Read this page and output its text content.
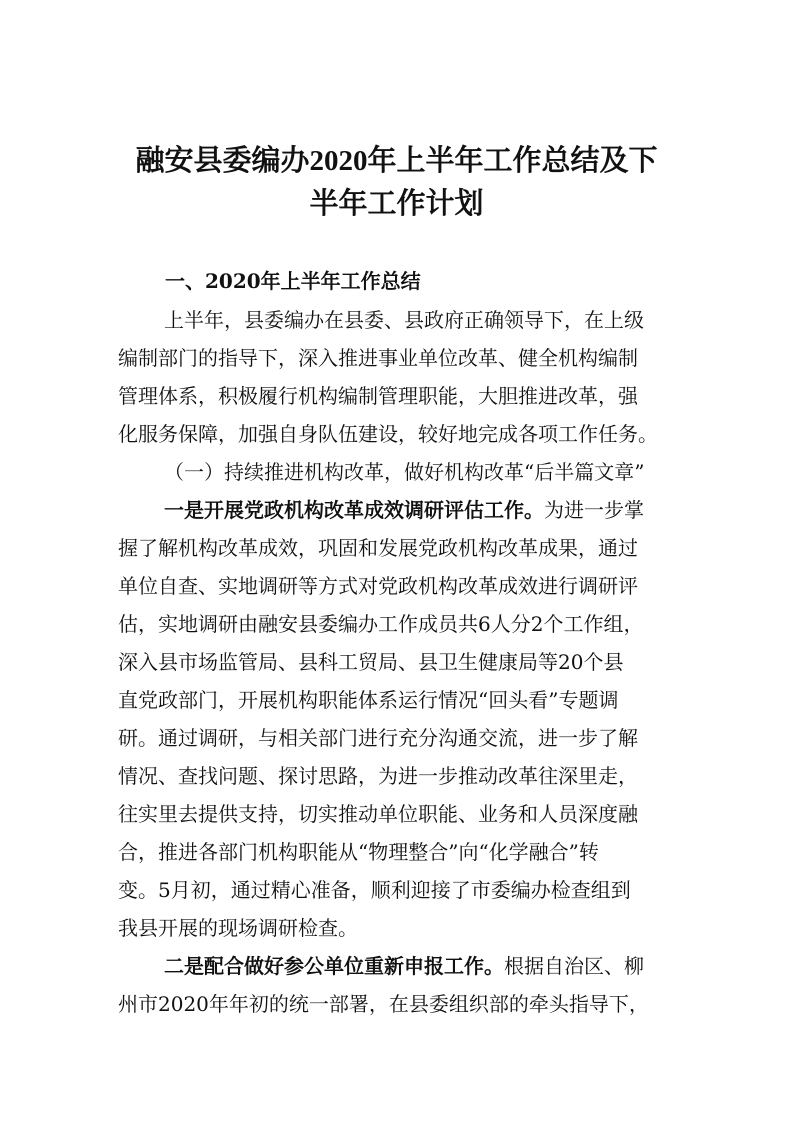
融安县委编办2020年上半年工作总结及下
半年工作计划
一、2020年上半年工作总结
上半年，县委编办在县委、县政府正确领导下，在上级
编制部门的指导下，深入推进事业单位改革、健全机构编制
管理体系，积极履行机构编制管理职能，大胆推进改革，强
化服务保障，加强自身队伍建设，较好地完成各项工作任务。
（一）持续推进机构改革，做好机构改革“后半篇文章”
一是开展党政机构改革成效调研评估工作。为进一步掌
握了解机构改革成效，巩固和发展党政机构改革成果，通过
单位自查、实地调研等方式对党政机构改革成效进行调研评
估，实地调研由融安县委编办工作成员共6人分2个工作组，
深入县市场监管局、县科工贸局、县卫生健康局等20个县
直党政部门，开展机构职能体系运行情况“回头看”专题调
研。通过调研，与相关部门进行充分沟通交流，进一步了解
情况、查找问题、探讨思路，为进一步推动改革往深里走，
往实里去提供支持，切实推动单位职能、业务和人员深度融
合，推进各部门机构职能从“物理整合”向“化学融合”转
变。5月初，通过精心准备，顺利迎接了市委编办检查组到
我县开展的现场调研检查。
二是配合做好参公单位重新申报工作。根据自治区、柳
州市2020年年初的统一部署，在县委组织部的牵头指导下，
